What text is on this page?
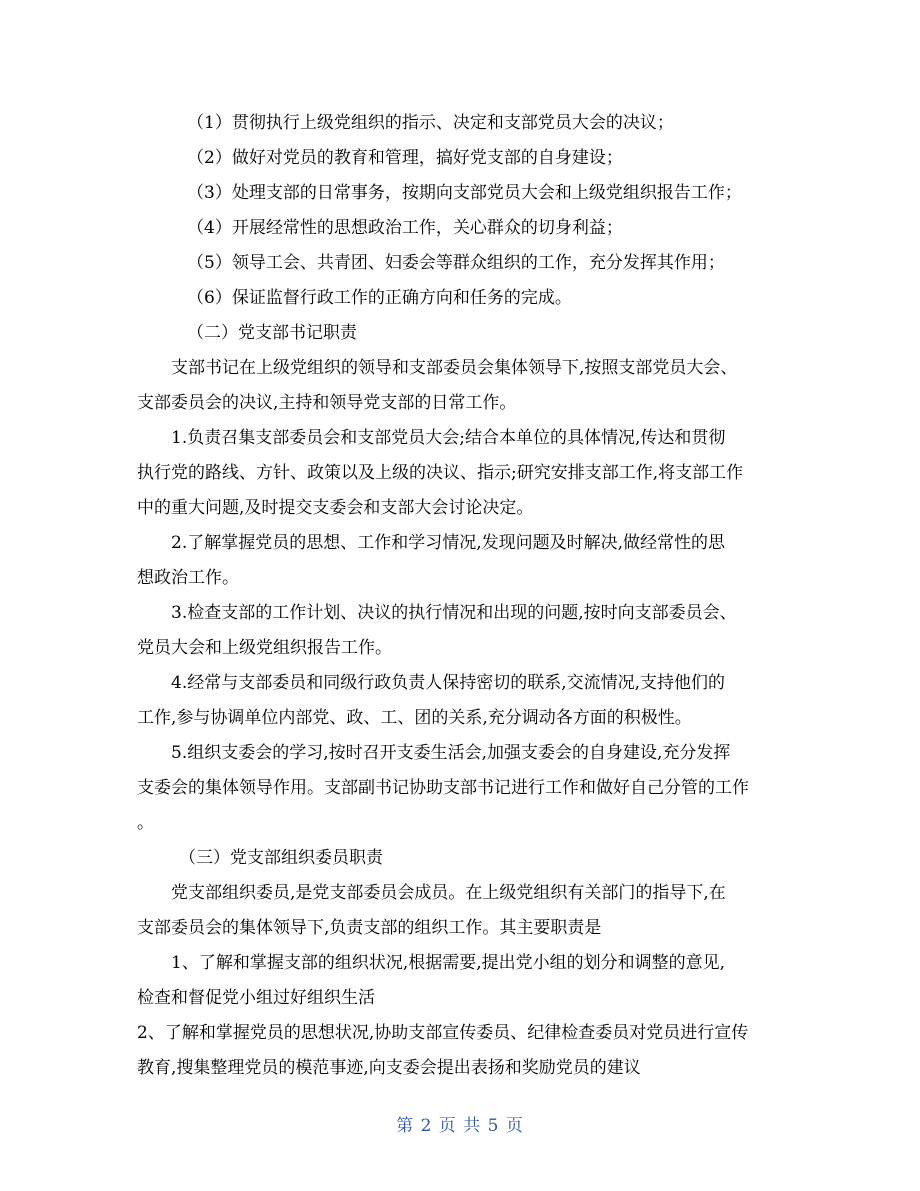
（1）贯彻执行上级党组织的指示、决定和支部党员大会的决议；
（2）做好对党员的教育和管理，搞好党支部的自身建设；
（3）处理支部的日常事务，按期向支部党员大会和上级党组织报告工作；
（4）开展经常性的思想政治工作，关心群众的切身利益；
（5）领导工会、共青团、妇委会等群众组织的工作，充分发挥其作用；
（6）保证监督行政工作的正确方向和任务的完成。
（二）党支部书记职责
支部书记在上级党组织的领导和支部委员会集体领导下,按照支部党员大会、
支部委员会的决议,主持和领导党支部的日常工作。
1.负责召集支部委员会和支部党员大会;结合本单位的具体情况,传达和贯彻
执行党的路线、方针、政策以及上级的决议、指示;研究安排支部工作,将支部工作
中的重大问题,及时提交支委会和支部大会讨论决定。
2.了解掌握党员的思想、工作和学习情况,发现问题及时解决,做经常性的思
想政治工作。
3.检查支部的工作计划、决议的执行情况和出现的问题,按时向支部委员会、
党员大会和上级党组织报告工作。
4.经常与支部委员和同级行政负责人保持密切的联系,交流情况,支持他们的
工作,参与协调单位内部党、政、工、团的关系,充分调动各方面的积极性。
5.组织支委会的学习,按时召开支委生活会,加强支委会的自身建设,充分发挥
支委会的集体领导作用。支部副书记协助支部书记进行工作和做好自己分管的工作
。
（三）党支部组织委员职责
党支部组织委员,是党支部委员会成员。在上级党组织有关部门的指导下,在
支部委员会的集体领导下,负责支部的组织工作。其主要职责是
1、了解和掌握支部的组织状况,根据需要,提出党小组的划分和调整的意见,
检查和督促党小组过好组织生活
2、了解和掌握党员的思想状况,协助支部宣传委员、纪律检查委员对党员进行宣传
教育,搜集整理党员的模范事迹,向支委会提出表扬和奖励党员的建议
第 2 页 共 5 页
